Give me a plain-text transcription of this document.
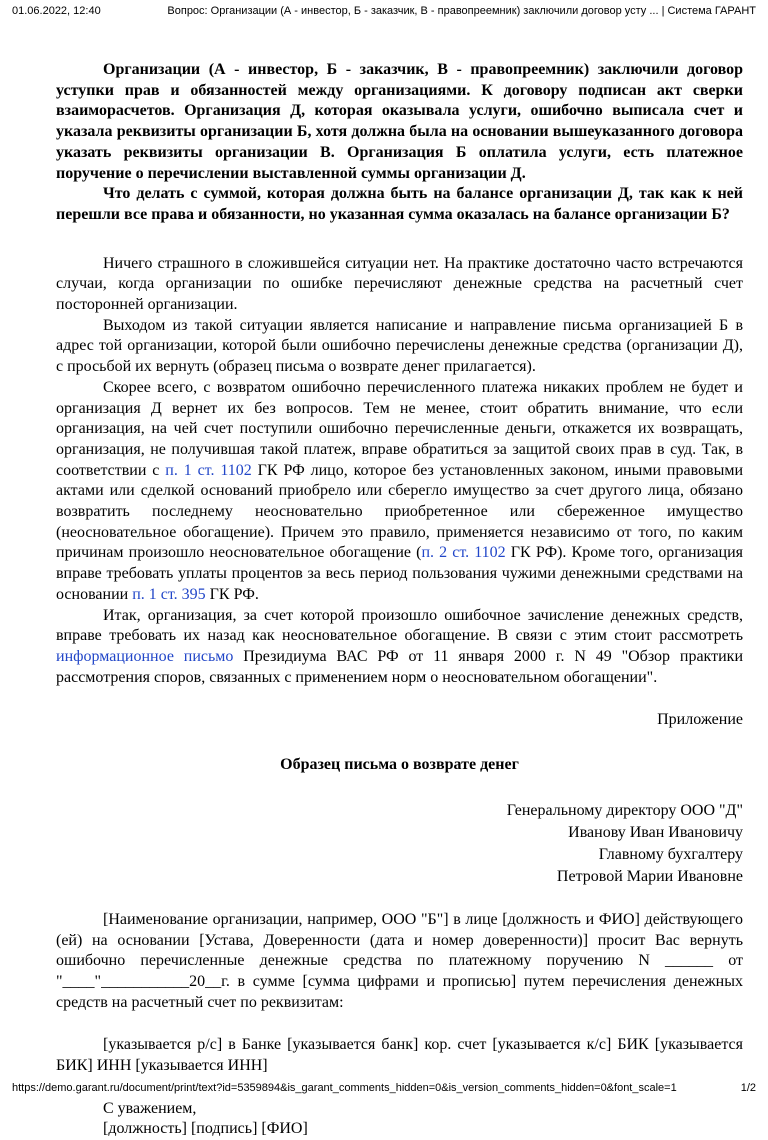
01.06.2022, 12:40	Вопрос: Организации (А - инвестор, Б - заказчик, В - правопреемник) заключили договор усту ... | Система ГАРАНТ

Организации (А - инвестор, Б - заказчик, В - правопреемник) заключили договор уступки прав и обязанностей между организациями. К договору подписан акт сверки взаиморасчетов. Организация Д, которая оказывала услуги, ошибочно выписала счет и указала реквизиты организации Б, хотя должна была на основании вышеуказанного договора указать реквизиты организации В. Организация Б оплатила услуги, есть платежное поручение о перечислении выставленной суммы организации Д.

Что делать с суммой, которая должна быть на балансе организации Д, так как к ней перешли все права и обязанности, но указанная сумма оказалась на балансе организации Б?

Ничего страшного в сложившейся ситуации нет. На практике достаточно часто встречаются случаи, когда организации по ошибке перечисляют денежные средства на расчетный счет посторонней организации.

Выходом из такой ситуации является написание и направление письма организацией Б в адрес той организации, которой были ошибочно перечислены денежные средства (организации Д), с просьбой их вернуть (образец письма о возврате денег прилагается).

Скорее всего, с возвратом ошибочно перечисленного платежа никаких проблем не будет и организация Д вернет их без вопросов. Тем не менее, стоит обратить внимание, что если организация, на чей счет поступили ошибочно перечисленные деньги, откажется их возвращать, организация, не получившая такой платеж, вправе обратиться за защитой своих прав в суд. Так, в соответствии с п. 1 ст. 1102 ГК РФ лицо, которое без установленных законом, иными правовыми актами или сделкой оснований приобрело или сберегло имущество за счет другого лица, обязано возвратить последнему неосновательно приобретенное или сбереженное имущество (неосновательное обогащение). Причем это правило, применяется независимо от того, по каким причинам произошло неосновательное обогащение (п. 2 ст. 1102 ГК РФ). Кроме того, организация вправе требовать уплаты процентов за весь период пользования чужими денежными средствами на основании п. 1 ст. 395 ГК РФ.

Итак, организация, за счет которой произошло ошибочное зачисление денежных средств, вправе требовать их назад как неосновательное обогащение. В связи с этим стоит рассмотреть информационное письмо Президиума ВАС РФ от 11 января 2000 г. N 49 "Обзор практики рассмотрения споров, связанных с применением норм о неосновательном обогащении".

Приложение

Образец письма о возврате денег

Генеральному директору ООО "Д"
Иванову Иван Ивановичу
Главному бухгалтеру
Петровой Марии Ивановне

[Наименование организации, например, ООО "Б"] в лице [должность и ФИО] действующего (ей) на основании [Устава, Доверенности (дата и номер доверенности)] просит Вас вернуть ошибочно перечисленные денежные средства по платежному поручению N ______ от "____"___________20__г. в сумме [сумма цифрами и прописью] путем перечисления денежных средств на расчетный счет по реквизитам:

[указывается р/с] в Банке [указывается банк] кор. счет [указывается к/с] БИК [указывается БИК] ИНН [указывается ИНН]

С уважением,

[должность] [подпись] [ФИО]

https://demo.garant.ru/document/print/text?id=5359894&is_garant_comments_hidden=0&is_version_comments_hidden=0&font_scale=1	1/2
